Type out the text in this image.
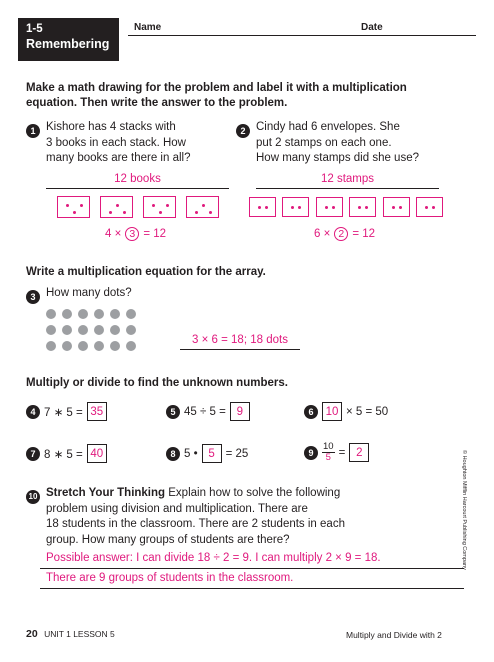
1-5
Remembering
Name	Date
Make a math drawing for the problem and label it with a multiplication
equation. Then write the answer to the problem.
1 Kishore has 4 stacks with
3 books in each stack. How
many books are there in all?
12 books
4 × 3 = 12
2 Cindy had 6 envelopes. She
put 2 stamps on each one.
How many stamps did she use?
12 stamps
6 × 2 = 12
Write a multiplication equation for the array.
3 How many dots?
3 × 6 = 18; 18 dots
Multiply or divide to find the unknown numbers.
4 7 ∗ 5 = 35	5 45 ÷ 5 = 9	6	10 × 5 = 50
7 8 ∗ 5 = 40	8 5 • 5 = 25	$9 \frac{10}{5} = 2$
10 Stretch Your Thinking Explain how to solve the following
problem using division and multiplication. There are
18 students in the classroom. There are 2 students in each
group. How many groups of students are there?
Possible answer: I can divide 18 ÷ 2 = 9. I can multiply 2 × 9 = 18.
There are 9 groups of students in the classroom.
© Houghton Mifflin Harcourt Publishing Company
20 UNIT 1 LESSON 5	Multiply and Divide with 2
